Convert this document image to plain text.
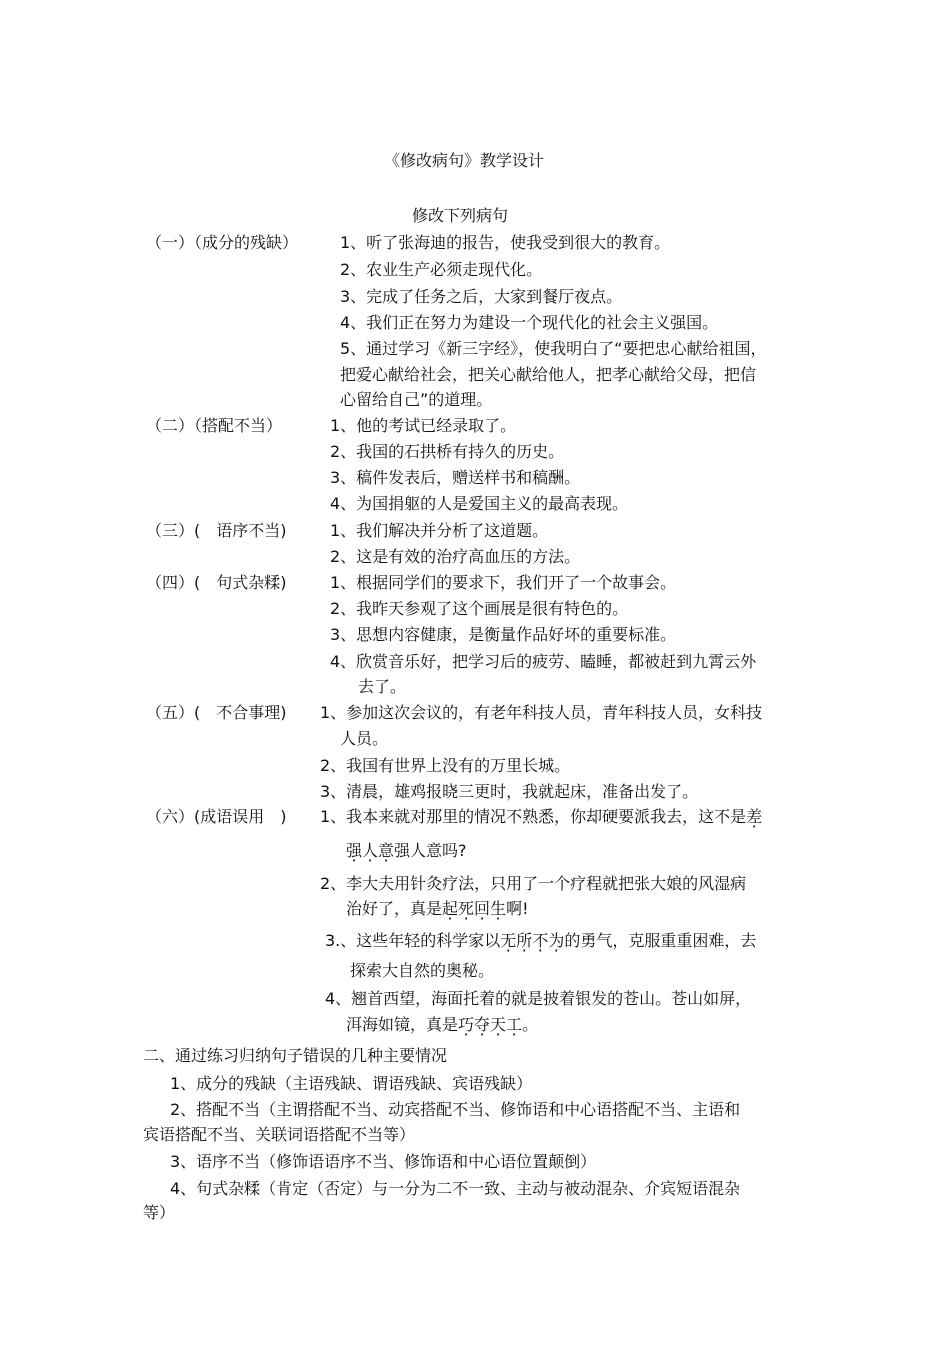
《修改病句》教学设计
修改下列病句
（一）（成分的残缺）	1、听了张海迪的报告，使我受到很大的教育。
2、农业生产必须走现代化。
3、完成了任务之后，大家到餐厅夜点。
4、我们正在努力为建设一个现代化的社会主义强国。
5、通过学习《新三字经》，使我明白了“要把忠心献给祖国，
把爱心献给社会，把关心献给他人，把孝心献给父母，把信
心留给自己”的道理。
（二）（搭配不当）	1、他的考试已经录取了。
2、我国的石拱桥有持久的历史。
3、稿件发表后，赠送样书和稿酬。
4、为国捐躯的人是爱国主义的最高表现。
（三）(　语序不当)	1、我们解决并分析了这道题。
2、这是有效的治疗高血压的方法。
（四）(　句式杂糅)	1、根据同学们的要求下，我们开了一个故事会。
2、我昨天参观了这个画展是很有特色的。
3、思想内容健康，是衡量作品好坏的重要标准。
4、欣赏音乐好，把学习后的疲劳、瞌睡，都被赶到九霄云外
去了。
（五）(　不合事理) 1、参加这次会议的，有老年科技人员，青年科技人员，女科技
人员。
2、我国有世界上没有的万里长城。
3、清晨，雄鸡报晓三更时，我就起床，准备出发了。
（六）(成语误用　) 1、我本来就对那里的情况不熟悉，你却硬要派我去，这不是差
强人意强人意吗?
2、李大夫用针灸疗法，只用了一个疗程就把张大娘的风湿病
治好了，真是起死回生啊!
3.、这些年轻的科学家以无所不为的勇气，克服重重困难，去
探索大自然的奥秘。
4、翘首西望，海面托着的就是披着银发的苍山。苍山如屏，
洱海如镜，真是巧夺天工。
二、通过练习归纳句子错误的几种主要情况
1、成分的残缺（主语残缺、谓语残缺、宾语残缺）
2、搭配不当（主谓搭配不当、动宾搭配不当、修饰语和中心语搭配不当、主语和
宾语搭配不当、关联词语搭配不当等）
3、语序不当（修饰语语序不当、修饰语和中心语位置颠倒）
4、句式杂糅（肯定（否定）与一分为二不一致、主动与被动混杂、介宾短语混杂
等）
